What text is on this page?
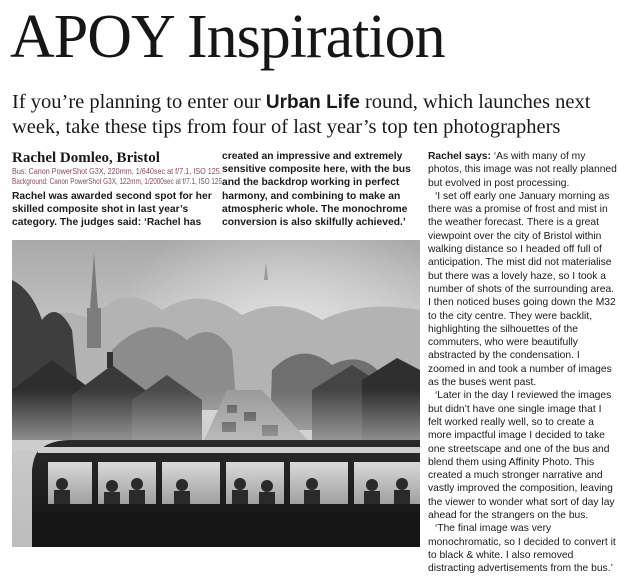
APOY Inspiration

If you’re planning to enter our Urban Life round, which launches next week, take these tips from four of last year’s top ten photographers

Rachel Domleo, Bristol
Bus: Canon PowerShot G3X, 220mm, 1/640sec at f/7.1, ISO 125.
Background: Canon PowerShot G3X, 122mm, 1/2000sec at f/7.1, ISO 125

Rachel was awarded second spot for her skilled composite shot in last year’s category. The judges said: ‘Rachel has

created an impressive and extremely sensitive composite here, with the bus and the backdrop working in perfect harmony, and combining to make an atmospheric whole. The monochrome conversion is also skilfully achieved.’

Rachel says: ‘As with many of my photos, this image was not really planned but evolved in post processing.

‘I set off early one January morning as there was a promise of frost and mist in the weather forecast. There is a great viewpoint over the city of Bristol within walking distance so I headed off full of anticipation. The mist did not materialise but there was a lovely haze, so I took a number of shots of the surrounding area. I then noticed buses going down the M32 to the city centre. They were backlit, highlighting the silhouettes of the commuters, who were beautifully abstracted by the condensation. I zoomed in and took a number of images as the buses went past.

‘Later in the day I reviewed the images but didn’t have one single image that I felt worked really well, so to create a more impactful image I decided to take one streetscape and one of the bus and blend them using Affinity Photo. This created a much stronger narrative and vastly improved the composition, leaving the viewer to wonder what sort of day lay ahead for the strangers on the bus.

‘The final image was very monochromatic, so I decided to convert it to black & white. I also removed distracting advertisements from the bus.’
